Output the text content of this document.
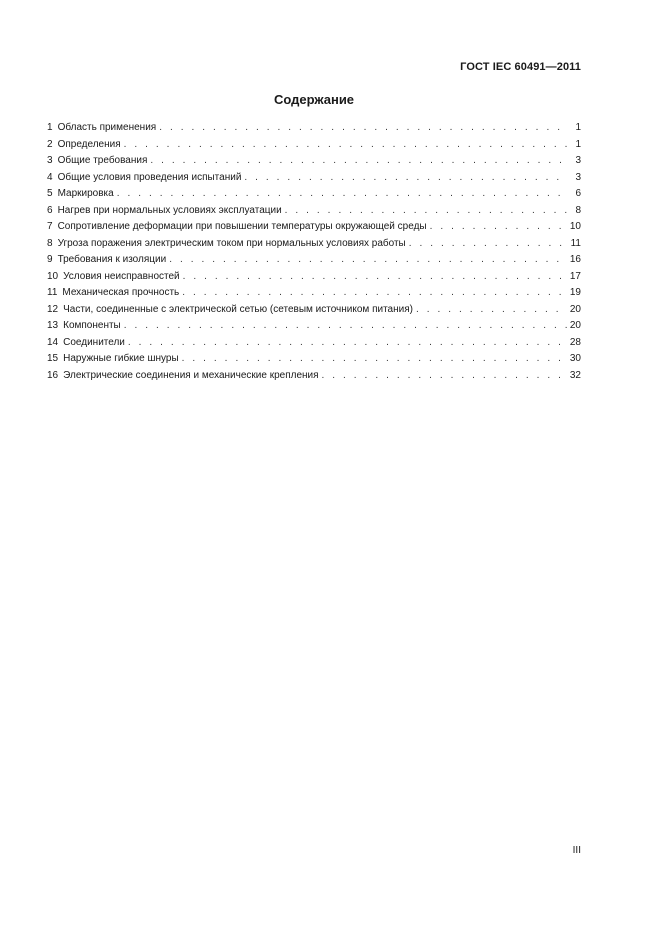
ГОСТ IEC 60491—2011
Содержание
1 Область применения . . .	1
2 Определения . . .	1
3 Общие требования . . .	3
4 Общие условия проведения испытаний . . .	3
5 Маркировка . . .	6
6 Нагрев при нормальных условиях эксплуатации . . .	8
7 Сопротивление деформации при повышении температуры окружающей среды . . .	10
8 Угроза поражения электрическим током при нормальных условиях работы . . .	11
9 Требования к изоляции . . .	16
10 Условия неисправностей . . .	17
11 Механическая прочность . . .	19
12 Части, соединенные с электрической сетью (сетевым источником питания) . . .	20
13 Компоненты . . .	20
14 Соединители . . .	28
15 Наружные гибкие шнуры . . .	30
16 Электрические соединения и механические крепления . . .	32
III
